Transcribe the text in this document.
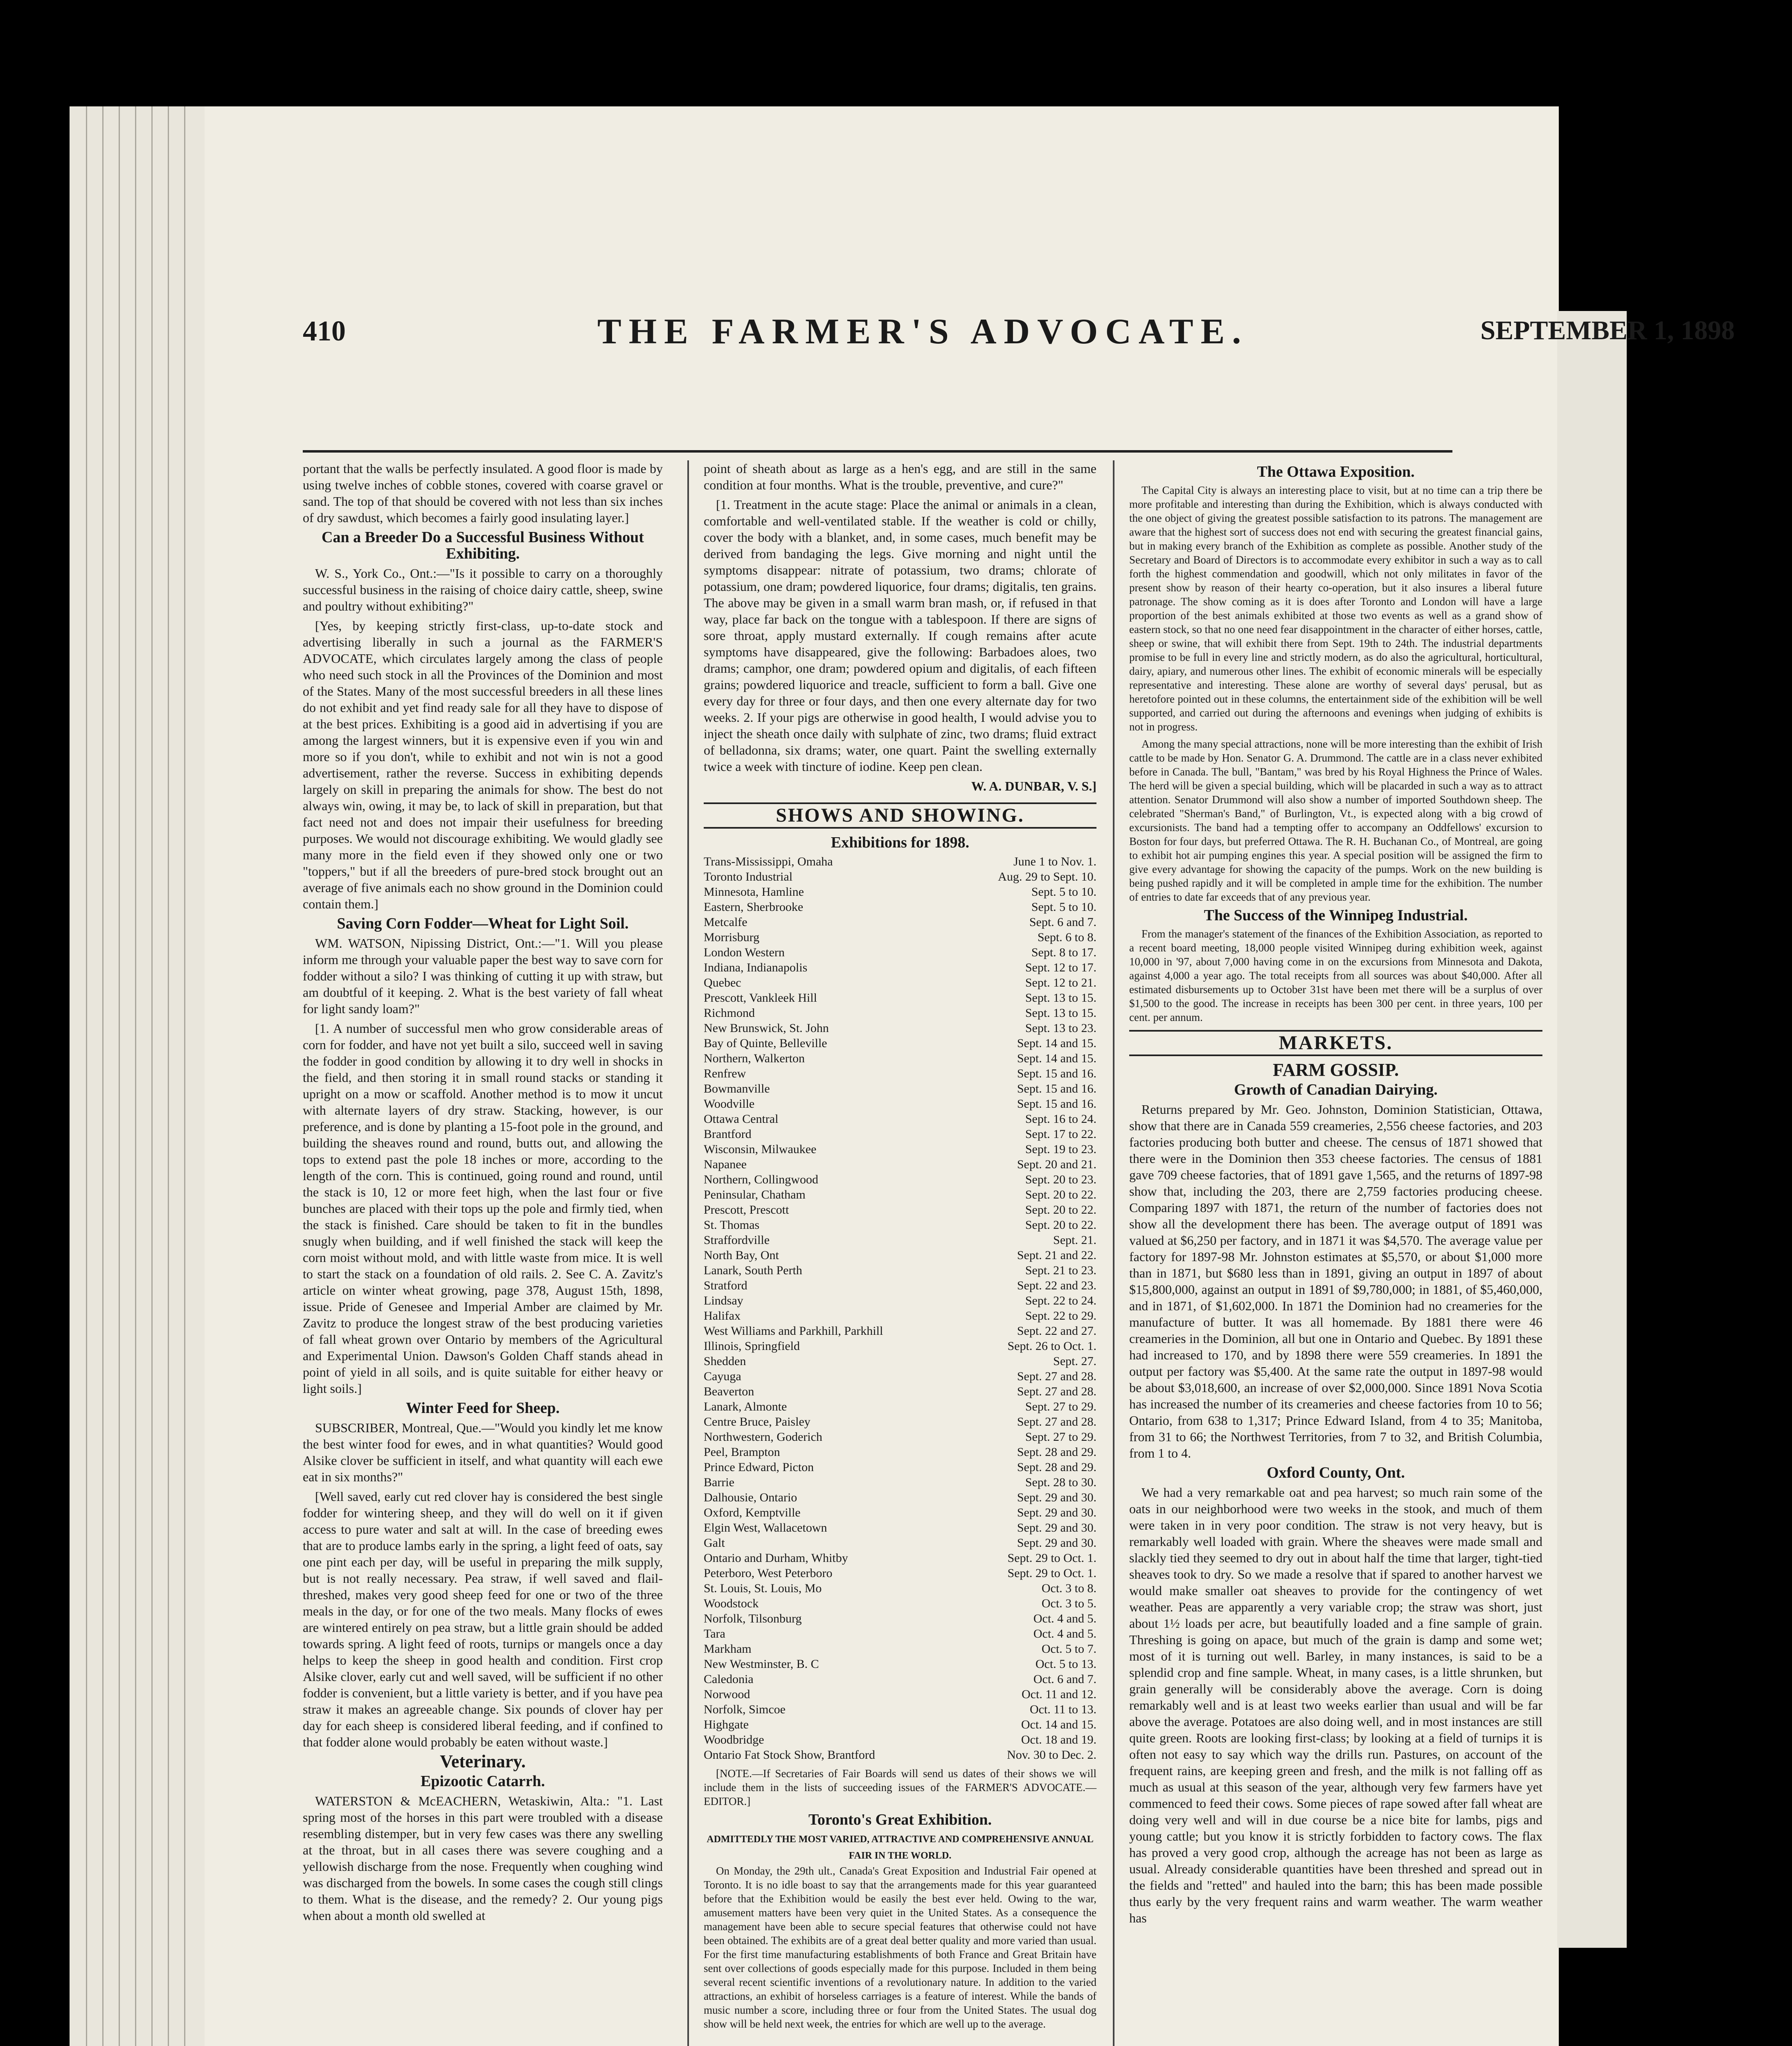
410	THE FARMER'S ADVOCATE.	SEPTEMBER 1, 1898

portant that the walls be perfectly insulated. A good floor is made by using twelve inches of cobble stones, covered with coarse gravel or sand. The top of that should be covered with not less than six inches of dry sawdust, which becomes a fairly good insulating layer.]

Can a Breeder Do a Successful Business Without Exhibiting.

W. S., York Co., Ont.:—"Is it possible to carry on a thoroughly successful business in the raising of choice dairy cattle, sheep, swine and poultry without exhibiting?"

[Yes, by keeping strictly first-class, up-to-date stock and advertising liberally in such a journal as the FARMER'S ADVOCATE, which circulates largely among the class of people who need such stock in all the Provinces of the Dominion and most of the States. Many of the most successful breeders in all these lines do not exhibit and yet find ready sale for all they have to dispose of at the best prices. Exhibiting is a good aid in advertising if you are among the largest winners, but it is expensive even if you win and more so if you don't, while to exhibit and not win is not a good advertisement, rather the reverse. Success in exhibiting depends largely on skill in preparing the animals for show. The best do not always win, owing, it may be, to lack of skill in preparation, but that fact need not and does not impair their usefulness for breeding purposes. We would not discourage exhibiting. We would gladly see many more in the field even if they showed only one or two "toppers," but if all the breeders of pure-bred stock brought out an average of five animals each no show ground in the Dominion could contain them.]

Saving Corn Fodder—Wheat for Light Soil.

WM. WATSON, Nipissing District, Ont.:—"1. Will you please inform me through your valuable paper the best way to save corn for fodder without a silo? I was thinking of cutting it up with straw, but am doubtful of it keeping. 2. What is the best variety of fall wheat for light sandy loam?"

[1. A number of successful men who grow considerable areas of corn for fodder, and have not yet built a silo, succeed well in saving the fodder in good condition by allowing it to dry well in shocks in the field, and then storing it in small round stacks or standing it upright on a mow or scaffold. Another method is to mow it uncut with alternate layers of dry straw. Stacking, however, is our preference, and is done by planting a 15-foot pole in the ground, and building the sheaves round and round, butts out, and allowing the tops to extend past the pole 18 inches or more, according to the length of the corn. This is continued, going round and round, until the stack is 10, 12 or more feet high, when the last four or five bunches are placed with their tops up the pole and firmly tied, when the stack is finished. Care should be taken to fit in the bundles snugly when building, and if well finished the stack will keep the corn moist without mold, and with little waste from mice. It is well to start the stack on a foundation of old rails. 2. See C. A. Zavitz's article on winter wheat growing, page 378, August 15th, 1898, issue. Pride of Genesee and Imperial Amber are claimed by Mr. Zavitz to produce the longest straw of the best producing varieties of fall wheat grown over Ontario by members of the Agricultural and Experimental Union. Dawson's Golden Chaff stands ahead in point of yield in all soils, and is quite suitable for either heavy or light soils.]

Winter Feed for Sheep.

SUBSCRIBER, Montreal, Que.—"Would you kindly let me know the best winter food for ewes, and in what quantities? Would good Alsike clover be sufficient in itself, and what quantity will each ewe eat in six months?"

[Well saved, early cut red clover hay is considered the best single fodder for wintering sheep, and they will do well on it if given access to pure water and salt at will. In the case of breeding ewes that are to produce lambs early in the spring, a light feed of oats, say one pint each per day, will be useful in preparing the milk supply, but is not really necessary. Pea straw, if well saved and flail-threshed, makes very good sheep feed for one or two of the three meals in the day, or for one of the two meals. Many flocks of ewes are wintered entirely on pea straw, but a little grain should be added towards spring. A light feed of roots, turnips or mangels once a day helps to keep the sheep in good health and condition. First crop Alsike clover, early cut and well saved, will be sufficient if no other fodder is convenient, but a little variety is better, and if you have pea straw it makes an agreeable change. Six pounds of clover hay per day for each sheep is considered liberal feeding, and if confined to that fodder alone would probably be eaten without waste.]

Veterinary.
Epizootic Catarrh.

WATERSTON & McEACHERN, Wetaskiwin, Alta.: "1. Last spring most of the horses in this part were troubled with a disease resembling distemper, but in very few cases was there any swelling at the throat, but in all cases there was severe coughing and a yellowish discharge from the nose. Frequently when coughing wind was discharged from the bowels. In some cases the cough still clings to them. What is the disease, and the remedy? 2. Our young pigs when about a month old swelled at

point of sheath about as large as a hen's egg, and are still in the same condition at four months. What is the trouble, preventive, and cure?"

[1. Treatment in the acute stage: Place the animal or animals in a clean, comfortable and well-ventilated stable. If the weather is cold or chilly, cover the body with a blanket, and, in some cases, much benefit may be derived from bandaging the legs. Give morning and night until the symptoms disappear: nitrate of potassium, two drams; chlorate of potassium, one dram; powdered liquorice, four drams; digitalis, ten grains. The above may be given in a small warm bran mash, or, if refused in that way, place far back on the tongue with a tablespoon. If there are signs of sore throat, apply mustard externally. If cough remains after acute symptoms have disappeared, give the following: Barbadoes aloes, two drams; camphor, one dram; powdered opium and digitalis, of each fifteen grains; powdered liquorice and treacle, sufficient to form a ball. Give one every day for three or four days, and then one every alternate day for two weeks. 2. If your pigs are otherwise in good health, I would advise you to inject the sheath once daily with sulphate of zinc, two drams; fluid extract of belladonna, six drams; water, one quart. Paint the swelling externally twice a week with tincture of iodine. Keep pen clean.

W. A. DUNBAR, V. S.]
SHOWS AND SHOWING.
Exhibitions for 1898.
Trans-Mississippi, Omaha	June 1 to Nov. 1.
Toronto Industrial	Aug. 29 to Sept. 10.
Minnesota, Hamline	Sept. 5 to 10.
Eastern, Sherbrooke	Sept. 5 to 10.
Metcalfe	Sept. 6 and 7.
Morrisburg	Sept. 6 to 8.
London Western	Sept. 8 to 17.
Indiana, Indianapolis	Sept. 12 to 17.
Quebec	Sept. 12 to 21.
Prescott, Vankleek Hill	Sept. 13 to 15.
Richmond	Sept. 13 to 15.
New Brunswick, St. John	Sept. 13 to 23.
Bay of Quinte, Belleville	Sept. 14 and 15.
Northern, Walkerton	Sept. 14 and 15.
Renfrew	Sept. 15 and 16.
Bowmanville	Sept. 15 and 16.
Woodville	Sept. 15 and 16.
Ottawa Central	Sept. 16 to 24.
Brantford	Sept. 17 to 22.
Wisconsin, Milwaukee	Sept. 19 to 23.
Napanee	Sept. 20 and 21.
Northern, Collingwood	Sept. 20 to 23.
Peninsular, Chatham	Sept. 20 to 22.
Prescott, Prescott	Sept. 20 to 22.
St. Thomas	Sept. 20 to 22.
Straffordville	Sept. 21.
North Bay, Ont	Sept. 21 and 22.
Lanark, South Perth	Sept. 21 to 23.
Stratford	Sept. 22 and 23.
Lindsay	Sept. 22 to 24.
Halifax	Sept. 22 to 29.
West Williams and Parkhill, Parkhill	Sept. 22 and 27.
Illinois, Springfield	Sept. 26 to Oct. 1.
Shedden	Sept. 27.
Cayuga	Sept. 27 and 28.
Beaverton	Sept. 27 and 28.
Lanark, Almonte	Sept. 27 to 29.
Centre Bruce, Paisley	Sept. 27 and 28.
Northwestern, Goderich	Sept. 27 to 29.
Peel, Brampton	Sept. 28 and 29.
Prince Edward, Picton	Sept. 28 and 29.
Barrie	Sept. 28 to 30.
Dalhousie, Ontario	Sept. 29 and 30.
Oxford, Kemptville	Sept. 29 and 30.
Elgin West, Wallacetown	Sept. 29 and 30.
Galt	Sept. 29 and 30.
Ontario and Durham, Whitby	Sept. 29 to Oct. 1.
Peterboro, West Peterboro	Sept. 29 to Oct. 1.
St. Louis, St. Louis, Mo	Oct. 3 to 8.
Woodstock	Oct. 3 to 5.
Norfolk, Tilsonburg	Oct. 4 and 5.
Tara	Oct. 4 and 5.
Markham	Oct. 5 to 7.
New Westminster, B. C	Oct. 5 to 13.
Caledonia	Oct. 6 and 7.
Norwood	Oct. 11 and 12.
Norfolk, Simcoe	Oct. 11 to 13.
Highgate	Oct. 14 and 15.
Woodbridge	Oct. 18 and 19.
Ontario Fat Stock Show, Brantford	Nov. 30 to Dec. 2.

[NOTE.—If Secretaries of Fair Boards will send us dates of their shows we will include them in the lists of succeeding issues of the FARMER'S ADVOCATE.—EDITOR.]

Toronto's Great Exhibition.
ADMITTEDLY THE MOST VARIED, ATTRACTIVE AND COMPREHENSIVE ANNUAL FAIR IN THE WORLD.

On Monday, the 29th ult., Canada's Great Exposition and Industrial Fair opened at Toronto. It is no idle boast to say that the arrangements made for this year guaranteed before that the Exhibition would be easily the best ever held. Owing to the war, amusement matters have been very quiet in the United States. As a consequence the management have been able to secure special features that otherwise could not have been obtained. The exhibits are of a great deal better quality and more varied than usual. For the first time manufacturing establishments of both France and Great Britain have sent over collections of goods especially made for this purpose. Included in them being several recent scientific inventions of a revolutionary nature. In addition to the varied attractions, an exhibit of horseless carriages is a feature of interest. While the bands of music number a score, including three or four from the United States. The usual dog show will be held next week, the entries for which are well up to the average.

The Ottawa Exposition.

The Capital City is always an interesting place to visit, but at no time can a trip there be more profitable and interesting than during the Exhibition, which is always conducted with the one object of giving the greatest possible satisfaction to its patrons. The management are aware that the highest sort of success does not end with securing the greatest financial gains, but in making every branch of the Exhibition as complete as possible. Another study of the Secretary and Board of Directors is to accommodate every exhibitor in such a way as to call forth the highest commendation and goodwill, which not only militates in favor of the present show by reason of their hearty co-operation, but it also insures a liberal future patronage. The show coming as it is does after Toronto and London will have a large proportion of the best animals exhibited at those two events as well as a grand show of eastern stock, so that no one need fear disappointment in the character of either horses, cattle, sheep or swine, that will exhibit there from Sept. 19th to 24th. The industrial departments promise to be full in every line and strictly modern, as do also the agricultural, horticultural, dairy, apiary, and numerous other lines. The exhibit of economic minerals will be especially representative and interesting. These alone are worthy of several days' perusal, but as heretofore pointed out in these columns, the entertainment side of the exhibition will be well supported, and carried out during the afternoons and evenings when judging of exhibits is not in progress.

Among the many special attractions, none will be more interesting than the exhibit of Irish cattle to be made by Hon. Senator G. A. Drummond. The cattle are in a class never exhibited before in Canada. The bull, "Bantam," was bred by his Royal Highness the Prince of Wales. The herd will be given a special building, which will be placarded in such a way as to attract attention. Senator Drummond will also show a number of imported Southdown sheep. The celebrated "Sherman's Band," of Burlington, Vt., is expected along with a big crowd of excursionists. The band had a tempting offer to accompany an Oddfellows' excursion to Boston for four days, but preferred Ottawa. The R. H. Buchanan Co., of Montreal, are going to exhibit hot air pumping engines this year. A special position will be assigned the firm to give every advantage for showing the capacity of the pumps. Work on the new building is being pushed rapidly and it will be completed in ample time for the exhibition. The number of entries to date far exceeds that of any previous year.

The Success of the Winnipeg Industrial.

From the manager's statement of the finances of the Exhibition Association, as reported to a recent board meeting, 18,000 people visited Winnipeg during exhibition week, against 10,000 in '97, about 7,000 having come in on the excursions from Minnesota and Dakota, against 4,000 a year ago. The total receipts from all sources was about $40,000. After all estimated disbursements up to October 31st have been met there will be a surplus of over $1,500 to the good. The increase in receipts has been 300 per cent. in three years, 100 per cent. per annum.

MARKETS.
FARM GOSSIP.
Growth of Canadian Dairying.

Returns prepared by Mr. Geo. Johnston, Dominion Statistician, Ottawa, show that there are in Canada 559 creameries, 2,556 cheese factories, and 203 factories producing both butter and cheese. The census of 1871 showed that there were in the Dominion then 353 cheese factories. The census of 1881 gave 709 cheese factories, that of 1891 gave 1,565, and the returns of 1897-98 show that, including the 203, there are 2,759 factories producing cheese. Comparing 1897 with 1871, the return of the number of factories does not show all the development there has been. The average output of 1891 was valued at $6,250 per factory, and in 1871 it was $4,570. The average value per factory for 1897-98 Mr. Johnston estimates at $5,570, or about $1,000 more than in 1871, but $680 less than in 1891, giving an output in 1897 of about $15,800,000, against an output in 1891 of $9,780,000; in 1881, of $5,460,000, and in 1871, of $1,602,000. In 1871 the Dominion had no creameries for the manufacture of butter. It was all homemade. By 1881 there were 46 creameries in the Dominion, all but one in Ontario and Quebec. By 1891 these had increased to 170, and by 1898 there were 559 creameries. In 1891 the output per factory was $5,400. At the same rate the output in 1897-98 would be about $3,018,600, an increase of over $2,000,000. Since 1891 Nova Scotia has increased the number of its creameries and cheese factories from 10 to 56; Ontario, from 638 to 1,317; Prince Edward Island, from 4 to 35; Manitoba, from 31 to 66; the Northwest Territories, from 7 to 32, and British Columbia, from 1 to 4.

Oxford County, Ont.

We had a very remarkable oat and pea harvest; so much rain some of the oats in our neighborhood were two weeks in the stook, and much of them were taken in in very poor condition. The straw is not very heavy, but is remarkably well loaded with grain. Where the sheaves were made small and slackly tied they seemed to dry out in about half the time that larger, tight-tied sheaves took to dry. So we made a resolve that if spared to another harvest we would make smaller oat sheaves to provide for the contingency of wet weather. Peas are apparently a very variable crop; the straw was short, just about 1½ loads per acre, but beautifully loaded and a fine sample of grain. Threshing is going on apace, but much of the grain is damp and some wet; most of it is turning out well. Barley, in many instances, is said to be a splendid crop and fine sample. Wheat, in many cases, is a little shrunken, but grain generally will be considerably above the average. Corn is doing remarkably well and is at least two weeks earlier than usual and will be far above the average. Potatoes are also doing well, and in most instances are still quite green. Roots are looking first-class; by looking at a field of turnips it is often not easy to say which way the drills run. Pastures, on account of the frequent rains, are keeping green and fresh, and the milk is not falling off as much as usual at this season of the year, although very few farmers have yet commenced to feed their cows. Some pieces of rape sowed after fall wheat are doing very well and will in due course be a nice bite for lambs, pigs and young cattle; but you know it is strictly forbidden to factory cows. The flax has proved a very good crop, although the acreage has not been as large as usual. Already considerable quantities have been threshed and spread out in the fields and "retted" and hauled into the barn; this has been made possible thus early by the very frequent rains and warm weather. The warm weather has
